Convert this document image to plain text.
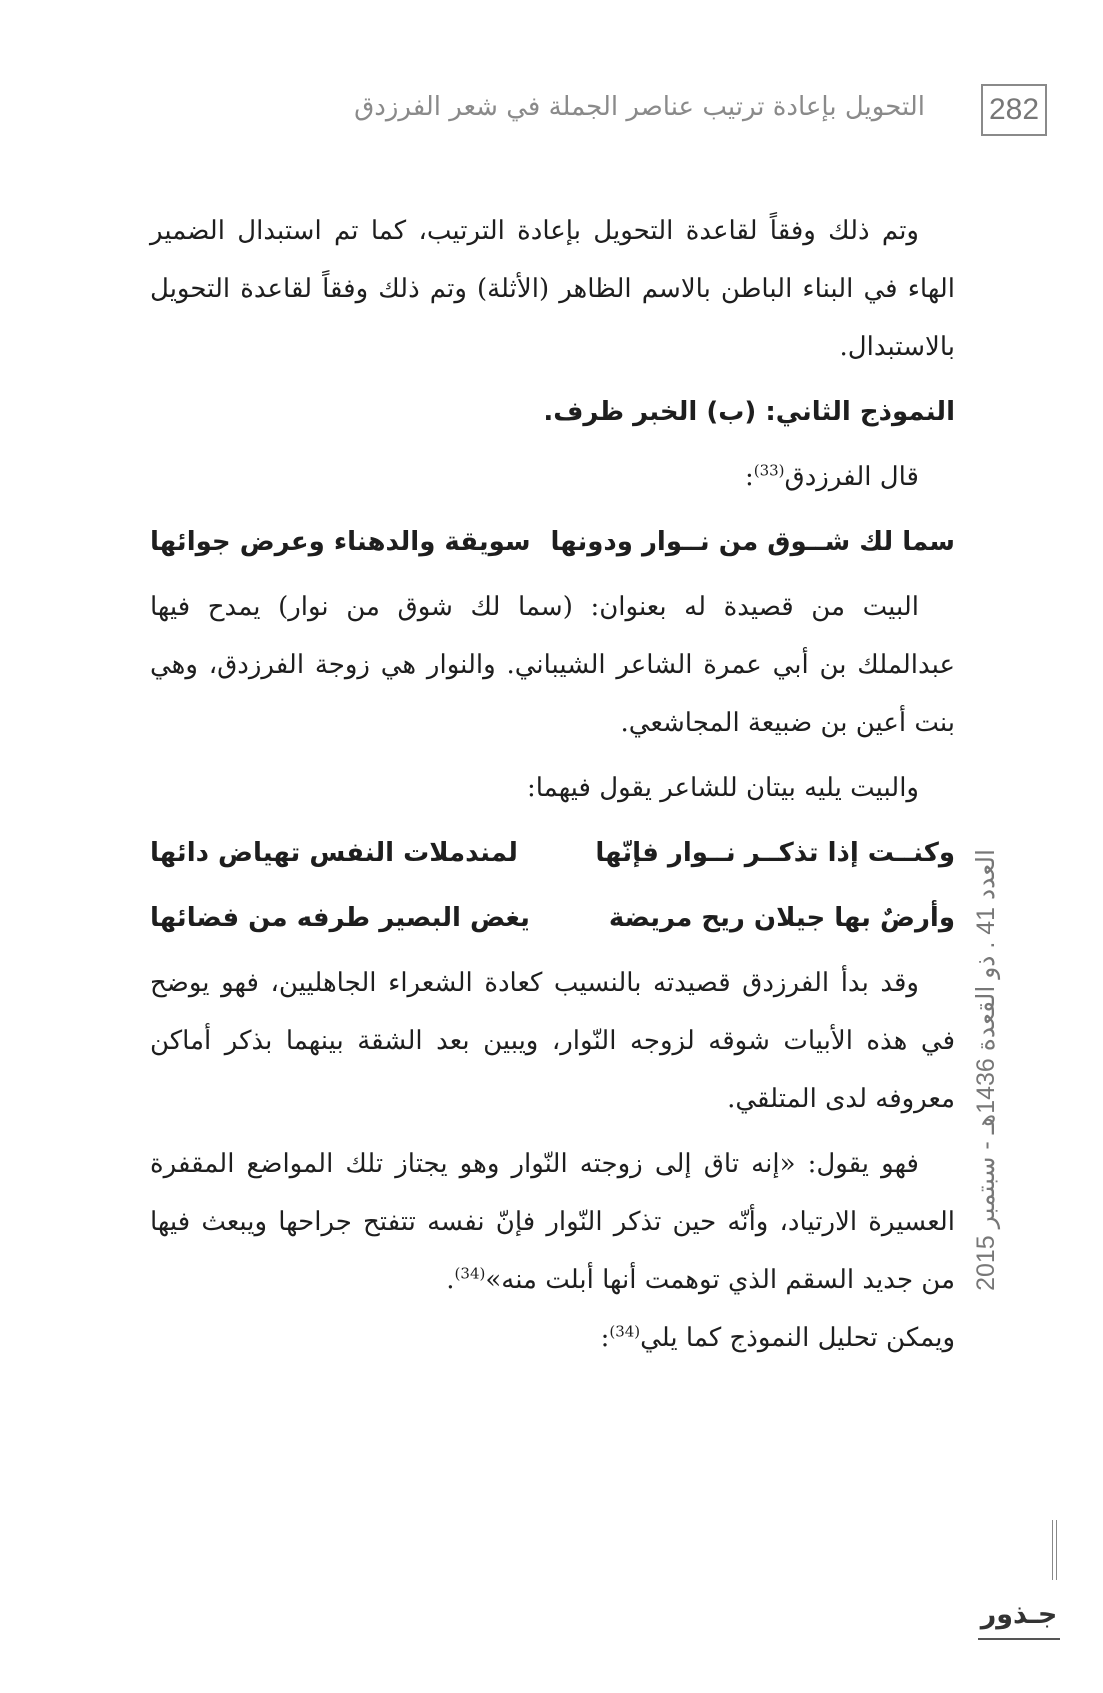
282
التحويل بإعادة ترتيب عناصر الجملة في شعر الفرزدق

وتم ذلك وفقاً لقاعدة التحويل بإعادة الترتيب، كما تم استبدال الضمير الهاء في البناء الباطن بالاسم الظاهر (الأثلة) وتم ذلك وفقاً لقاعدة التحويل بالاستبدال.

النموذج الثاني: (ب) الخبر ظرف.

قال الفرزدق$^{(33)}$:

سما لك شــوق من نــوار ودونها
سويقة والدهناء وعرض جوائها

البيت من قصيدة له بعنوان: (سما لك شوق من نوار) يمدح فيها عبدالملك بن أبي عمرة الشاعر الشيباني. والنوار هي زوجة الفرزدق، وهي بنت أعين بن ضبيعة المجاشعي.

والبيت يليه بيتان للشاعر يقول فيهما:

وكنــت إذا تذكــر نــوار فإنّها
لمندملات النفس تهياض دائها
وأرضٌ بها جيلان ريح مريضة
يغض البصير طرفه من فضائها

وقد بدأ الفرزدق قصيدته بالنسيب كعادة الشعراء الجاهليين، فهو يوضح في هذه الأبيات شوقه لزوجه النّوار، ويبين بعد الشقة بينهما بذكر أماكن معروفه لدى المتلقي.

فهو يقول: «إنه تاق إلى زوجته النّوار وهو يجتاز تلك المواضع المقفرة العسيرة الارتياد، وأنّه حين تذكر النّوار فإنّ نفسه تتفتح جراحها ويبعث فيها من جديد السقم الذي توهمت أنها أبلت منه»$^{(34)}$.

ويمكن تحليل النموذج كما يلي$^{(34)}$:

العدد 41 . ذو القعدة 1436هـ - سبتمبر 2015
جـذور
